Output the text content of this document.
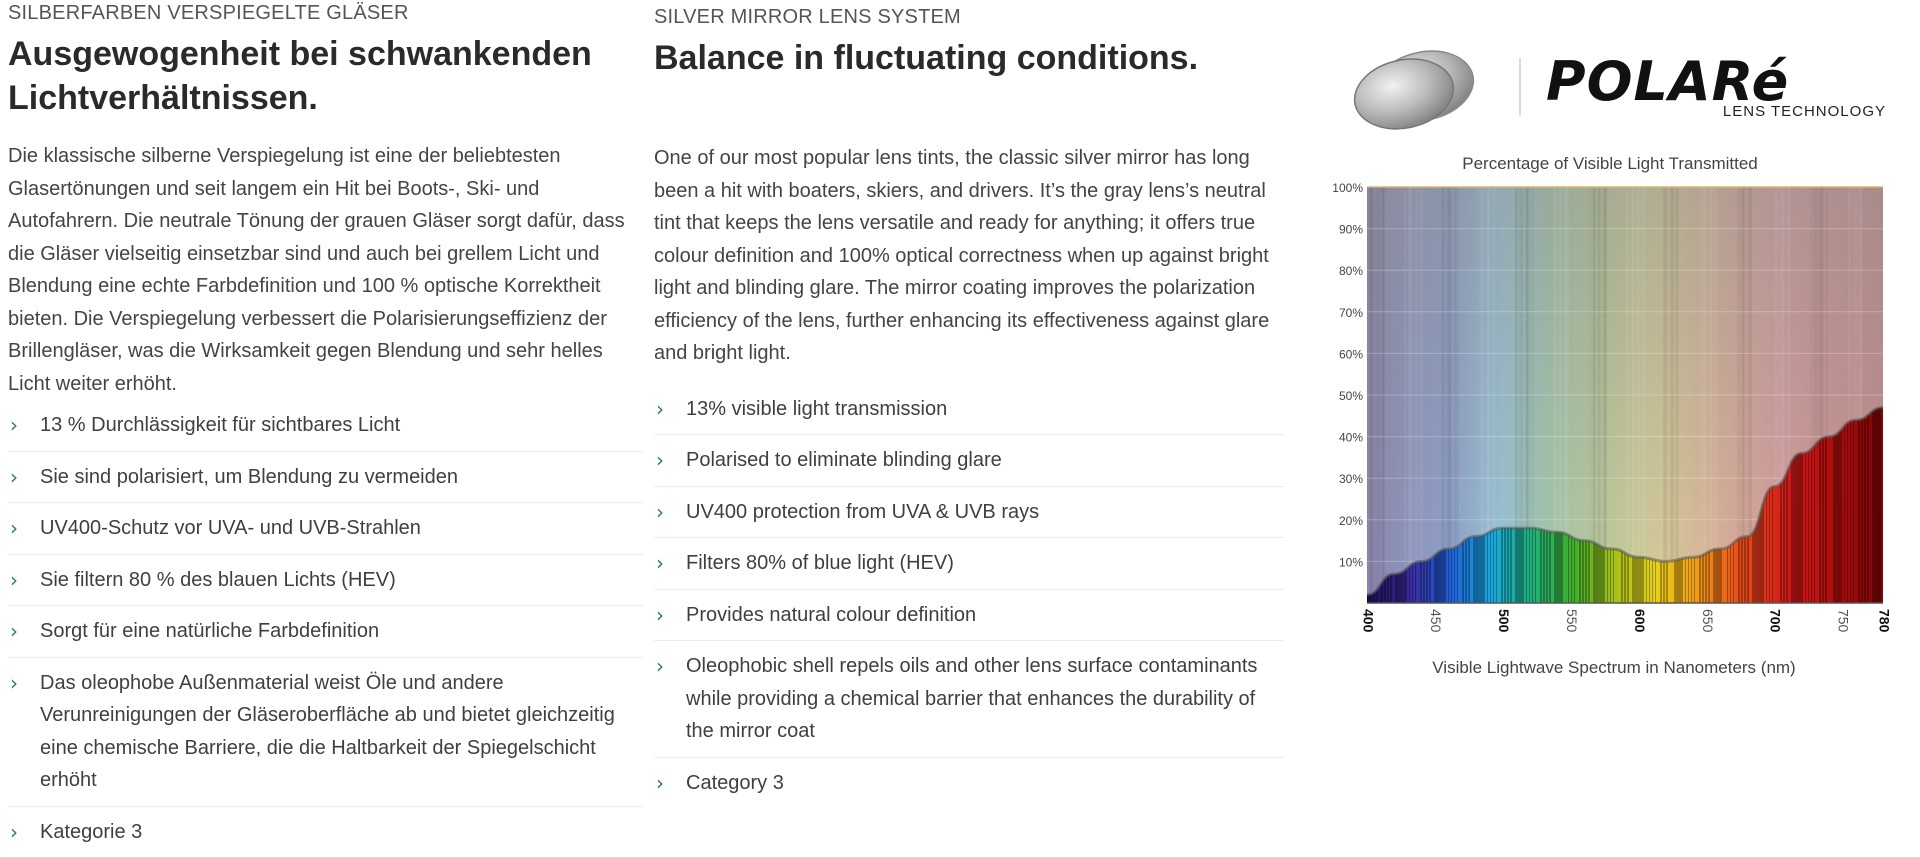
SILBERFARBEN VERSPIEGELTE GLÄSER

Ausgewogenheit bei schwankenden Lichtverhältnissen.

Die klassische silberne Verspiegelung ist eine der beliebtesten Glasertönungen und seit langem ein Hit bei Boots-, Ski- und Autofahrern. Die neutrale Tönung der grauen Gläser sorgt dafür, dass die Gläser vielseitig einsetzbar sind und auch bei grellem Licht und Blendung eine echte Farbdefinition und 100 % optische Korrektheit bieten. Die Verspiegelung verbessert die Polarisierungseffizienz der Brillengläser, was die Wirksamkeit gegen Blendung und sehr helles Licht weiter erhöht.

› 13 % Durchlässigkeit für sichtbares Licht
› Sie sind polarisiert, um Blendung zu vermeiden
› UV400-Schutz vor UVA- und UVB-Strahlen
› Sie filtern 80 % des blauen Lichts (HEV)
› Sorgt für eine natürliche Farbdefinition
› Das oleophobe Außenmaterial weist Öle und andere Verunreinigungen der Gläseroberfläche ab und bietet gleichzeitig eine chemische Barriere, die die Haltbarkeit der Spiegelschicht erhöht
› Kategorie 3

SILVER MIRROR LENS SYSTEM

Balance in fluctuating conditions.

One of our most popular lens tints, the classic silver mirror has long been a hit with boaters, skiers, and drivers. It’s the gray lens’s neutral tint that keeps the lens versatile and ready for anything; it offers true colour definition and 100% optical correctness when up against bright light and blinding glare. The mirror coating improves the polarization efficiency of the lens, further enhancing its effectiveness against glare and bright light.

› 13% visible light transmission
› Polarised to eliminate blinding glare
› UV400 protection from UVA & UVB rays
› Filters 80% of blue light (HEV)
› Provides natural colour definition
› Oleophobic shell repels oils and other lens surface contaminants while providing a chemical barrier that enhances the durability of the mirror coat
› Category 3
POLARé
LENS TECHNOLOGY
Percentage of Visible Light Transmitted
10%
20%
30%
40%
50%
60%
70%
80%
90%
100%
400	450	500	550	600	650	700	750 780
Visible Lightwave Spectrum in Nanometers (nm)
